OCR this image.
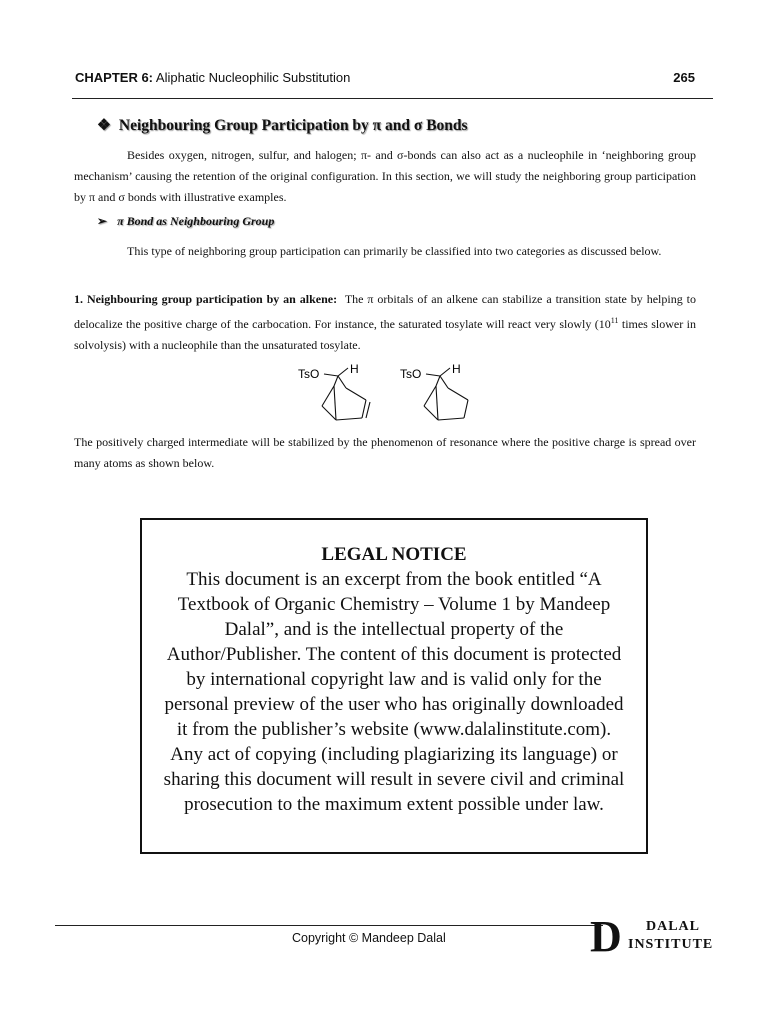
CHAPTER 6: Aliphatic Nucleophilic Substitution	265
❖ Neighbouring Group Participation by π and σ Bonds
Besides oxygen, nitrogen, sulfur, and halogen; π- and σ-bonds can also act as a nucleophile in ‘neighboring group mechanism’ causing the retention of the original configuration. In this section, we will study the neighboring group participation by π and σ bonds with illustrative examples.
➢ π Bond as Neighbouring Group
This type of neighboring group participation can primarily be classified into two categories as discussed below.
1. Neighbouring group participation by an alkene: The π orbitals of an alkene can stabilize a transition state by helping to delocalize the positive charge of the carbocation. For instance, the saturated tosylate will react very slowly ($10^{11}$ times slower in solvolysis) with a nucleophile than the unsaturated tosylate.
TsO	H	TsO	H
The positively charged intermediate will be stabilized by the phenomenon of resonance where the positive charge is spread over many atoms as shown below.
LEGAL NOTICE
This document is an excerpt from the book entitled “A Textbook of Organic Chemistry – Volume 1 by Mandeep Dalal”, and is the intellectual property of the Author/Publisher. The content of this document is protected by international copyright law and is valid only for the personal preview of the user who has originally downloaded it from the publisher’s website (www.dalalinstitute.com). Any act of copying (including plagiarizing its language) or sharing this document will result in severe civil and criminal prosecution to the maximum extent possible under law.
Copyright © Mandeep Dalal	D DALAL
INSTITUTE
